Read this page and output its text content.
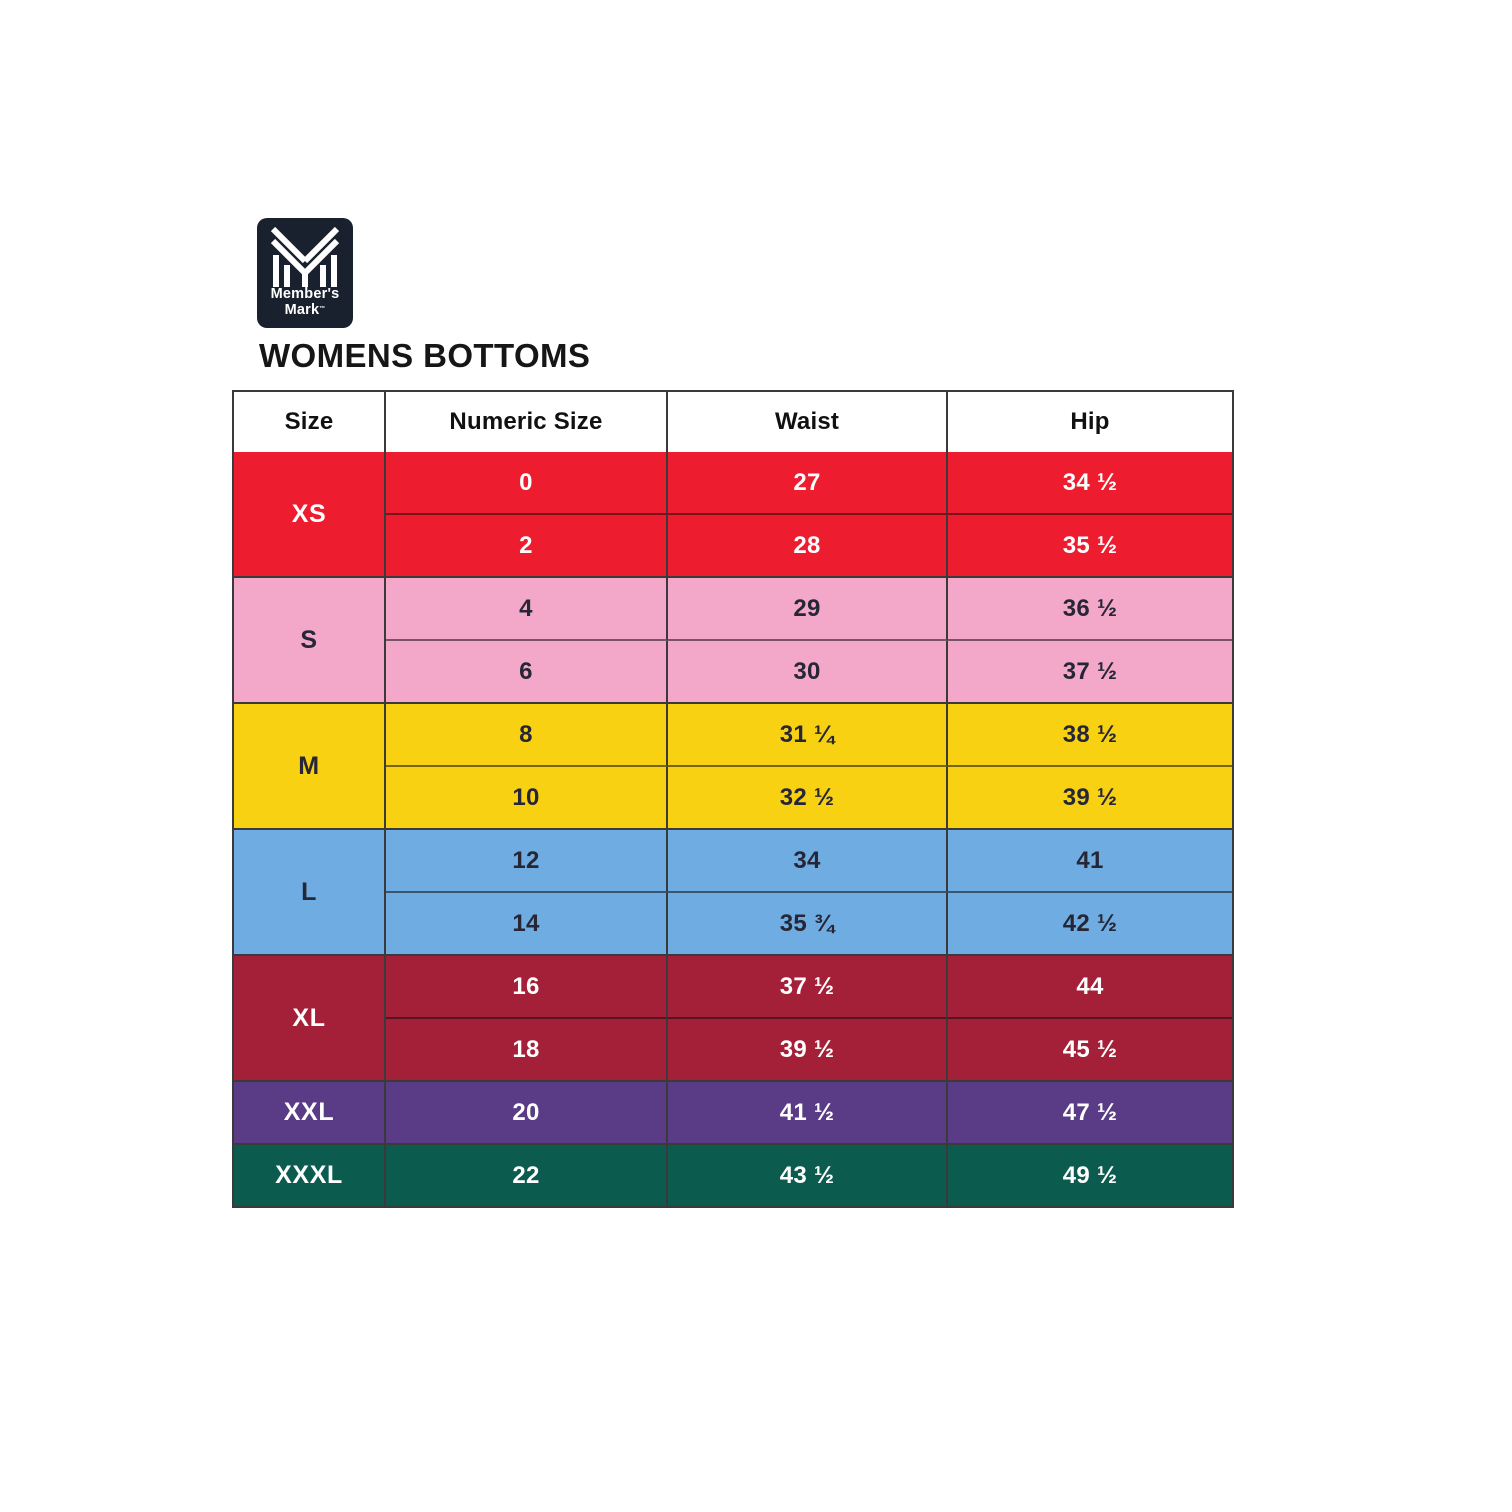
Member's
Mark™
WOMENS BOTTOMS
Size	Numeric Size	Waist	Hip
XS	0	27	34 ½
	2	28	35 ½
S	4	29	36 ½
	6	30	37 ½
M	8	31 ¼	38 ½
	10	32 ½	39 ½
L	12	34	41
	14	35 ¾	42 ½
XL	16	37 ½	44
	18	39 ½	45 ½
XXL	20	41 ½	47 ½
XXXL	22	43 ½	49 ½
